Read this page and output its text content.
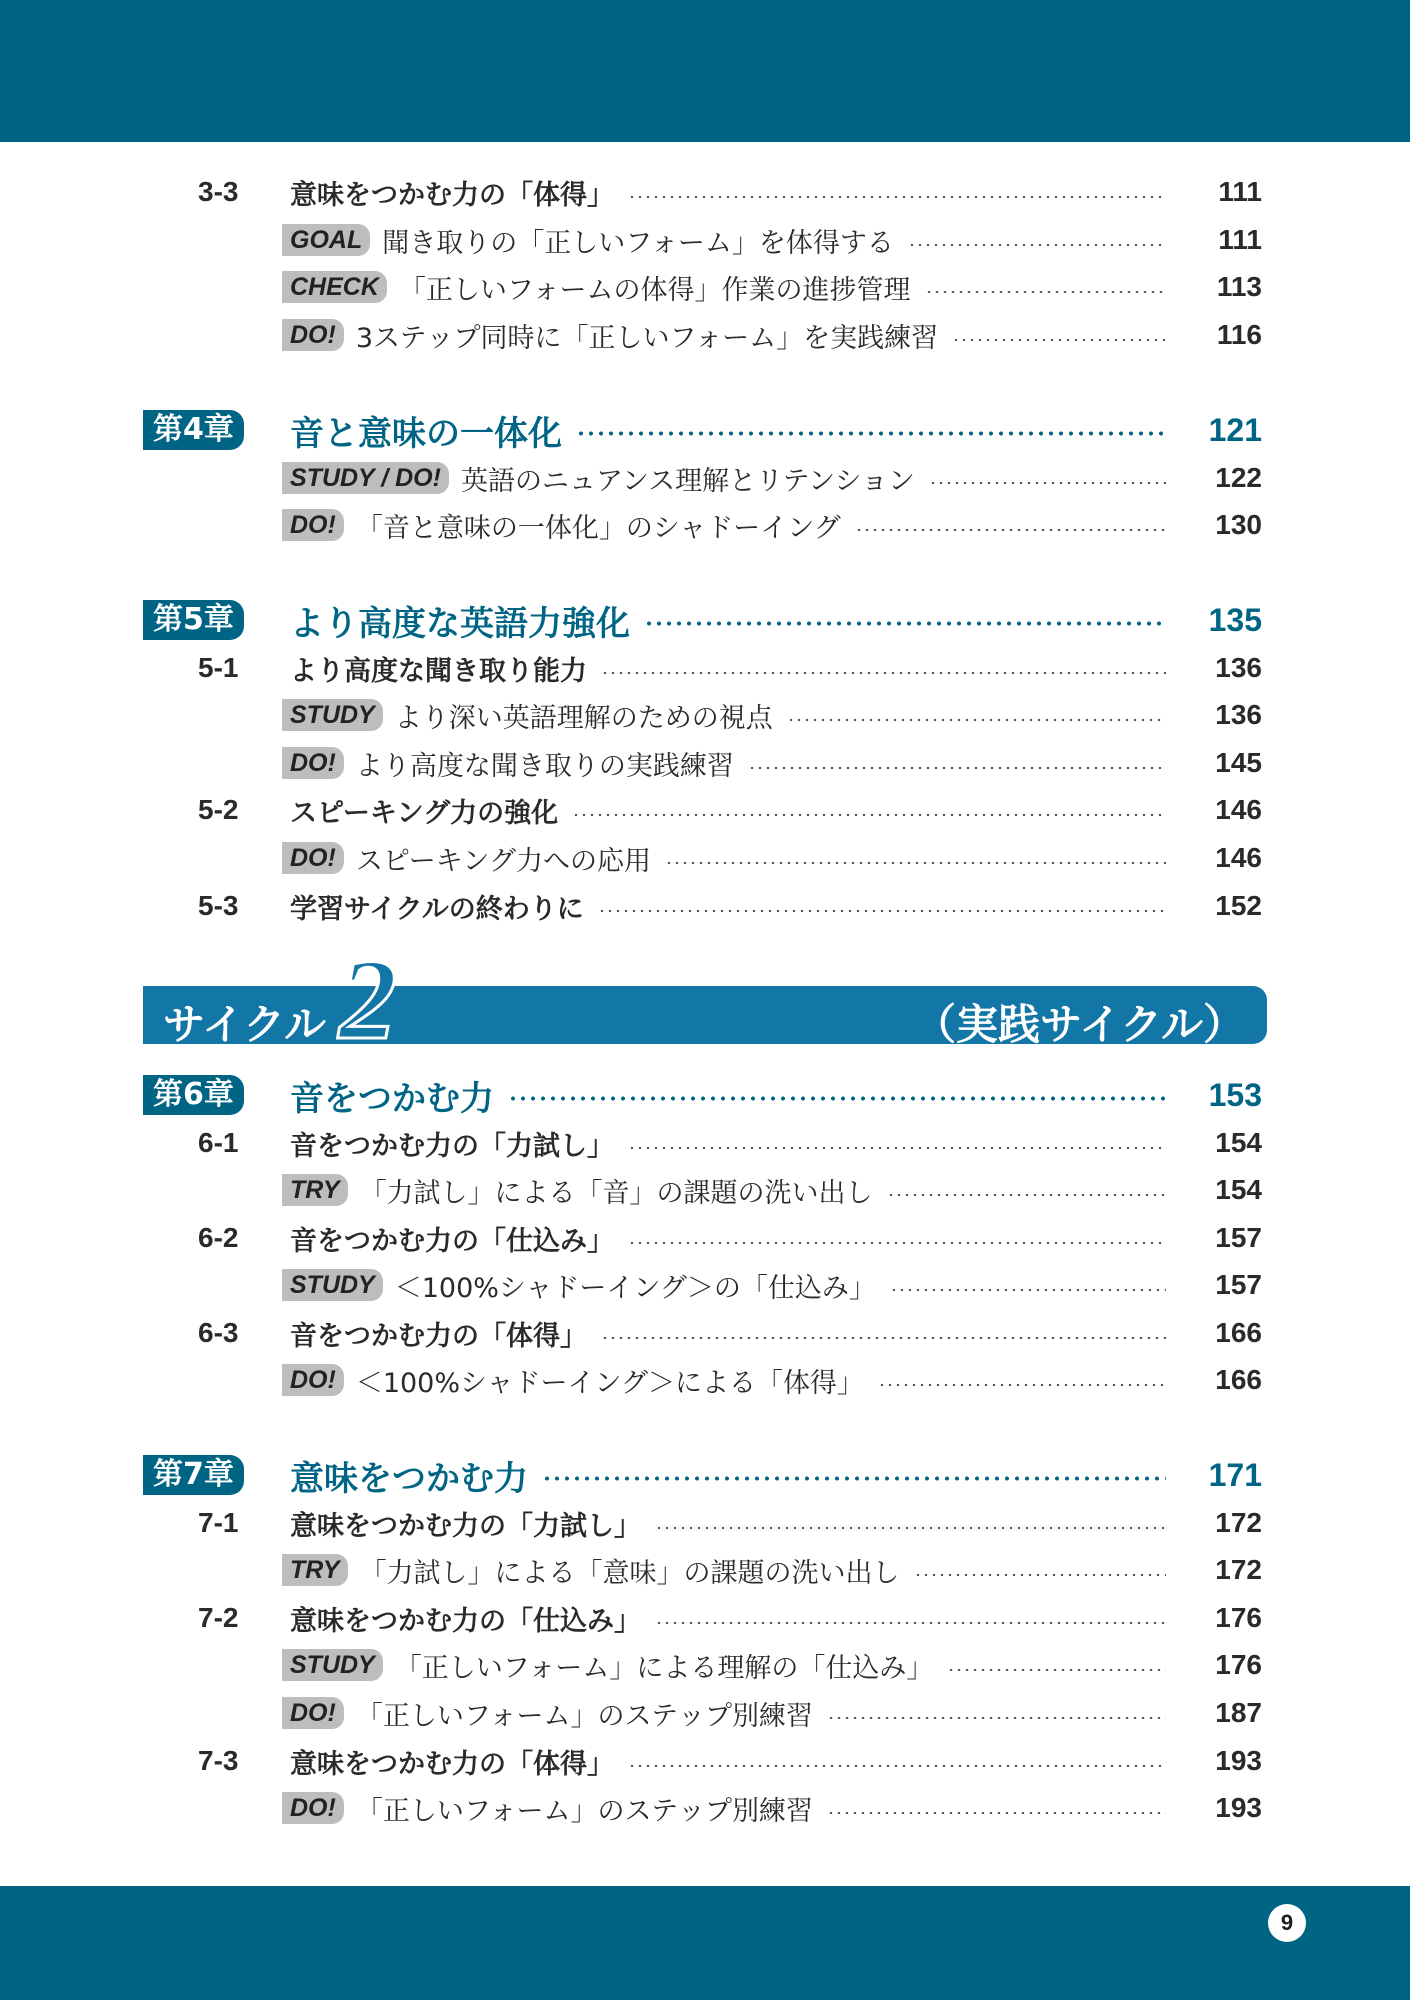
3-3	意味をつかむ力の「体得」	111
GOAL 聞き取りの「正しいフォーム」を体得する	111
CHECK 「正しいフォームの体得」作業の進捗管理	113
DO! 3ステップ同時に「正しいフォーム」を実践練習	116
第4章 音と意味の一体化	121
STUDY / DO! 英語のニュアンス理解とリテンション	122
DO! 「音と意味の一体化」のシャドーイング	130
第5章 より高度な英語力強化	135
5-1	より高度な聞き取り能力	136
STUDY より深い英語理解のための視点	136
DO! より高度な聞き取りの実践練習	145
5-2	スピーキング力の強化	146
DO! スピーキング力への応用	146
5-3	学習サイクルの終わりに	152
第6章 音をつかむ力	153
6-1	音をつかむ力の「力試し」	154
TRY 「力試し」による「音」の課題の洗い出し	154
6-2	音をつかむ力の「仕込み」	157
STUDY ＜100%シャドーイング＞の「仕込み」	157
6-3	音をつかむ力の「体得」	166
DO! ＜100%シャドーイング＞による「体得」	166
第7章 意味をつかむ力	171
7-1	意味をつかむ力の「力試し」	172
TRY 「力試し」による「意味」の課題の洗い出し	172
7-2	意味をつかむ力の「仕込み」	176
STUDY 「正しいフォーム」による理解の「仕込み」	176
DO! 「正しいフォーム」のステップ別練習	187
7-3	意味をつかむ力の「体得」	193
DO! 「正しいフォーム」のステップ別練習	193
サイクル 2	（実践サイクル）
9
